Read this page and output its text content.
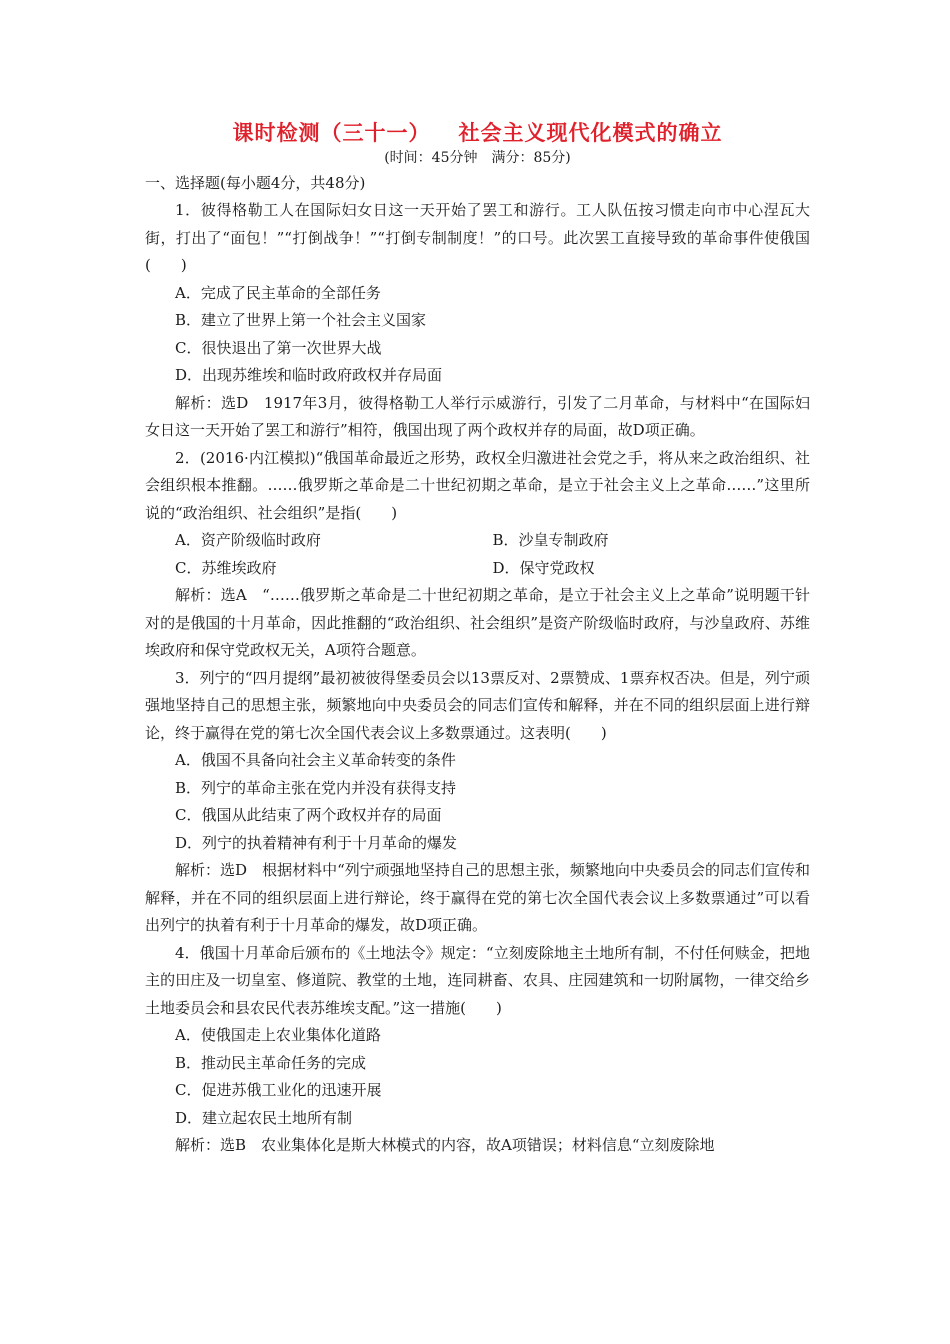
课时检测（三十一） 社会主义现代化模式的确立
(时间：45分钟　满分：85分)
一、选择题(每小题4分，共48分)

1．彼得格勒工人在国际妇女日这一天开始了罢工和游行。工人队伍按习惯走向市中心涅瓦大街，打出了“面包！”“打倒战争！”“打倒专制制度！”的口号。此次罢工直接导致的革命事件使俄国(　　)

A．完成了民主革命的全部任务

B．建立了世界上第一个社会主义国家

C．很快退出了第一次世界大战

D．出现苏维埃和临时政府政权并存局面

解析：选D　1917年3月，彼得格勒工人举行示威游行，引发了二月革命，与材料中“在国际妇女日这一天开始了罢工和游行”相符，俄国出现了两个政权并存的局面，故D项正确。

2．(2016·内江模拟)“俄国革命最近之形势，政权全归激进社会党之手，将从来之政治组织、社会组织根本推翻。……俄罗斯之革命是二十世纪初期之革命，是立于社会主义上之革命……”这里所说的“政治组织、社会组织”是指(　　)

A．资产阶级临时政府	B．沙皇专制政府
C．苏维埃政府	D．保守党政权

解析：选A　“……俄罗斯之革命是二十世纪初期之革命，是立于社会主义上之革命”说明题干针对的是俄国的十月革命，因此推翻的“政治组织、社会组织”是资产阶级临时政府，与沙皇政府、苏维埃政府和保守党政权无关，A项符合题意。

3．列宁的“四月提纲”最初被彼得堡委员会以13票反对、2票赞成、1票弃权否决。但是，列宁顽强地坚持自己的思想主张，频繁地向中央委员会的同志们宣传和解释，并在不同的组织层面上进行辩论，终于赢得在党的第七次全国代表会议上多数票通过。这表明(　　)

A．俄国不具备向社会主义革命转变的条件

B．列宁的革命主张在党内并没有获得支持

C．俄国从此结束了两个政权并存的局面

D．列宁的执着精神有利于十月革命的爆发

解析：选D　根据材料中“列宁顽强地坚持自己的思想主张，频繁地向中央委员会的同志们宣传和解释，并在不同的组织层面上进行辩论，终于赢得在党的第七次全国代表会议上多数票通过”可以看出列宁的执着有利于十月革命的爆发，故D项正确。

4．俄国十月革命后颁布的《土地法令》规定：“立刻废除地主土地所有制，不付任何赎金，把地主的田庄及一切皇室、修道院、教堂的土地，连同耕畜、农具、庄园建筑和一切附属物，一律交给乡土地委员会和县农民代表苏维埃支配。”这一措施(　　)

A．使俄国走上农业集体化道路

B．推动民主革命任务的完成

C．促进苏俄工业化的迅速开展

D．建立起农民土地所有制

解析：选B　农业集体化是斯大林模式的内容，故A项错误；材料信息“立刻废除地
